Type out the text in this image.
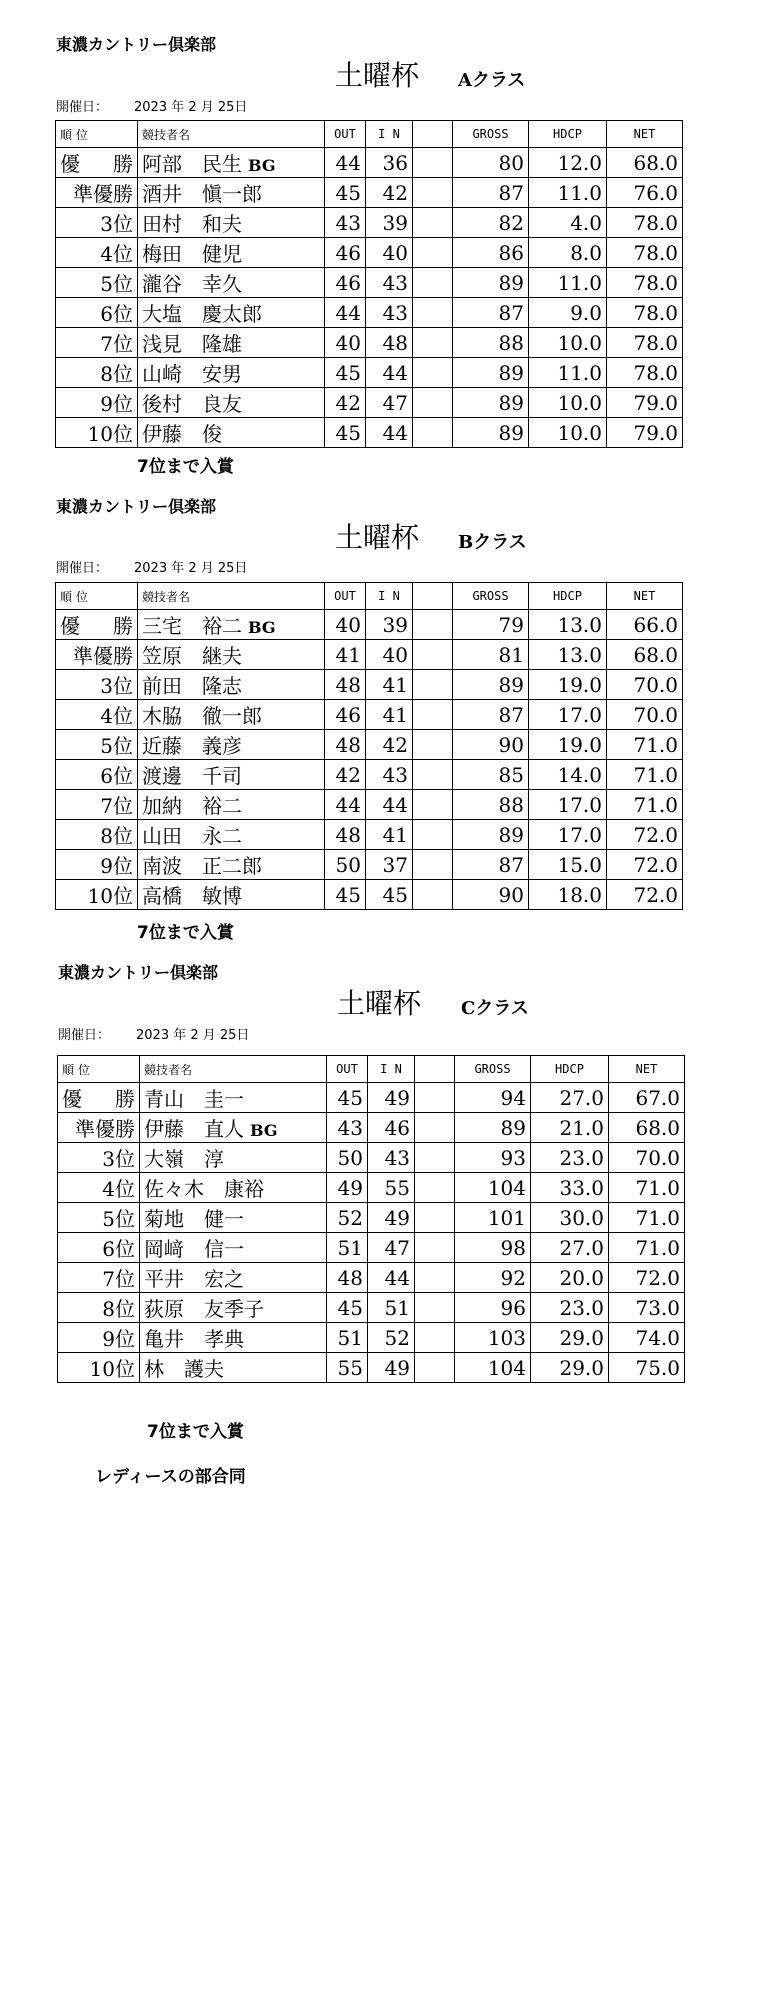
東濃カントリー倶楽部
土曜杯 Aクラス
開催日： 2023 年 2 月 25日
順 位	競技者名	OUT	I N		GROSS	HDCP	NET
優 勝	阿部　民生 BG	44	36		80	12.0	68.0
準優勝	酒井　愼一郎	45	42		87	11.0	76.0
3位	田村　和夫	43	39		82	4.0	78.0
4位	梅田　健児	46	40		86	8.0	78.0
5位	瀧谷　幸久	46	43		89	11.0	78.0
6位	大塩　慶太郎	44	43		87	9.0	78.0
7位	浅見　隆雄	40	48		88	10.0	78.0
8位	山崎　安男	45	44		89	11.0	78.0
9位	後村　良友	42	47		89	10.0	79.0
10位	伊藤　俊	45	44		89	10.0	79.0
7位まで入賞
東濃カントリー倶楽部
土曜杯 Bクラス
開催日： 2023 年 2 月 25日
順 位	競技者名	OUT	I N		GROSS	HDCP	NET
優 勝	三宅　裕二 BG	40	39		79	13.0	66.0
準優勝	笠原　継夫	41	40		81	13.0	68.0
3位	前田　隆志	48	41		89	19.0	70.0
4位	木脇　徹一郎	46	41		87	17.0	70.0
5位	近藤　義彦	48	42		90	19.0	71.0
6位	渡邊　千司	42	43		85	14.0	71.0
7位	加納　裕二	44	44		88	17.0	71.0
8位	山田　永二	48	41		89	17.0	72.0
9位	南波　正二郎	50	37		87	15.0	72.0
10位	高橋　敏博	45	45		90	18.0	72.0
7位まで入賞
東濃カントリー倶楽部
土曜杯 Cクラス
開催日： 2023 年 2 月 25日
順 位	競技者名	OUT	I N		GROSS	HDCP	NET
優 勝	青山　圭一	45	49		94	27.0	67.0
準優勝	伊藤　直人 BG	43	46		89	21.0	68.0
3位	大嶺　淳	50	43		93	23.0	70.0
4位	佐々木　康裕	49	55		104	33.0	71.0
5位	菊地　健一	52	49		101	30.0	71.0
6位	岡﨑　信一	51	47		98	27.0	71.0
7位	平井　宏之	48	44		92	20.0	72.0
8位	荻原　友季子	45	51		96	23.0	73.0
9位	亀井　孝典	51	52		103	29.0	74.0
10位	林　護夫	55	49		104	29.0	75.0
7位まで入賞
レディースの部合同
